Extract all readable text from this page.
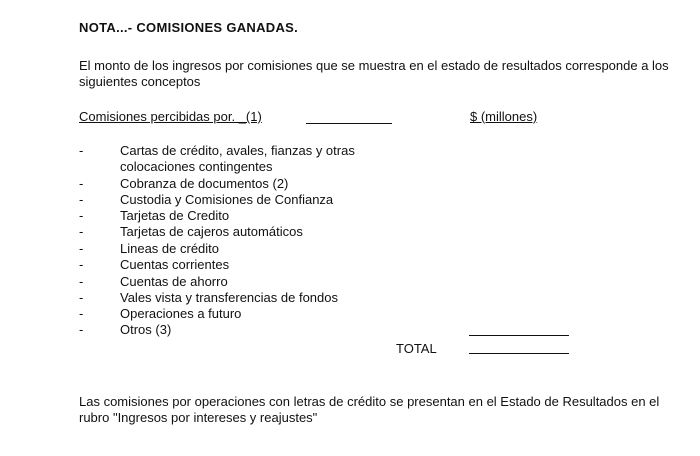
NOTA...- COMISIONES GANADAS.
El monto de los ingresos por comisiones que se muestra en el estado de resultados corresponde a los siguientes conceptos
Comisiones percibidas por. _(1)	$ (millones)
-	Cartas de crédito, avales, fianzas y otras colocaciones contingentes
-	Cobranza de documentos (2)
-	Custodia y Comisiones de Confianza
-	Tarjetas de Credito
-	Tarjetas de cajeros automáticos
-	Lineas de crédito
-	Cuentas corrientes
-	Cuentas de ahorro
-	Vales vista y transferencias de fondos
-	Operaciones a futuro
-	Otros (3)
TOTAL
Las comisiones por operaciones con letras de crédito se presentan en el Estado de Resultados en el rubro "Ingresos por intereses y reajustes"
